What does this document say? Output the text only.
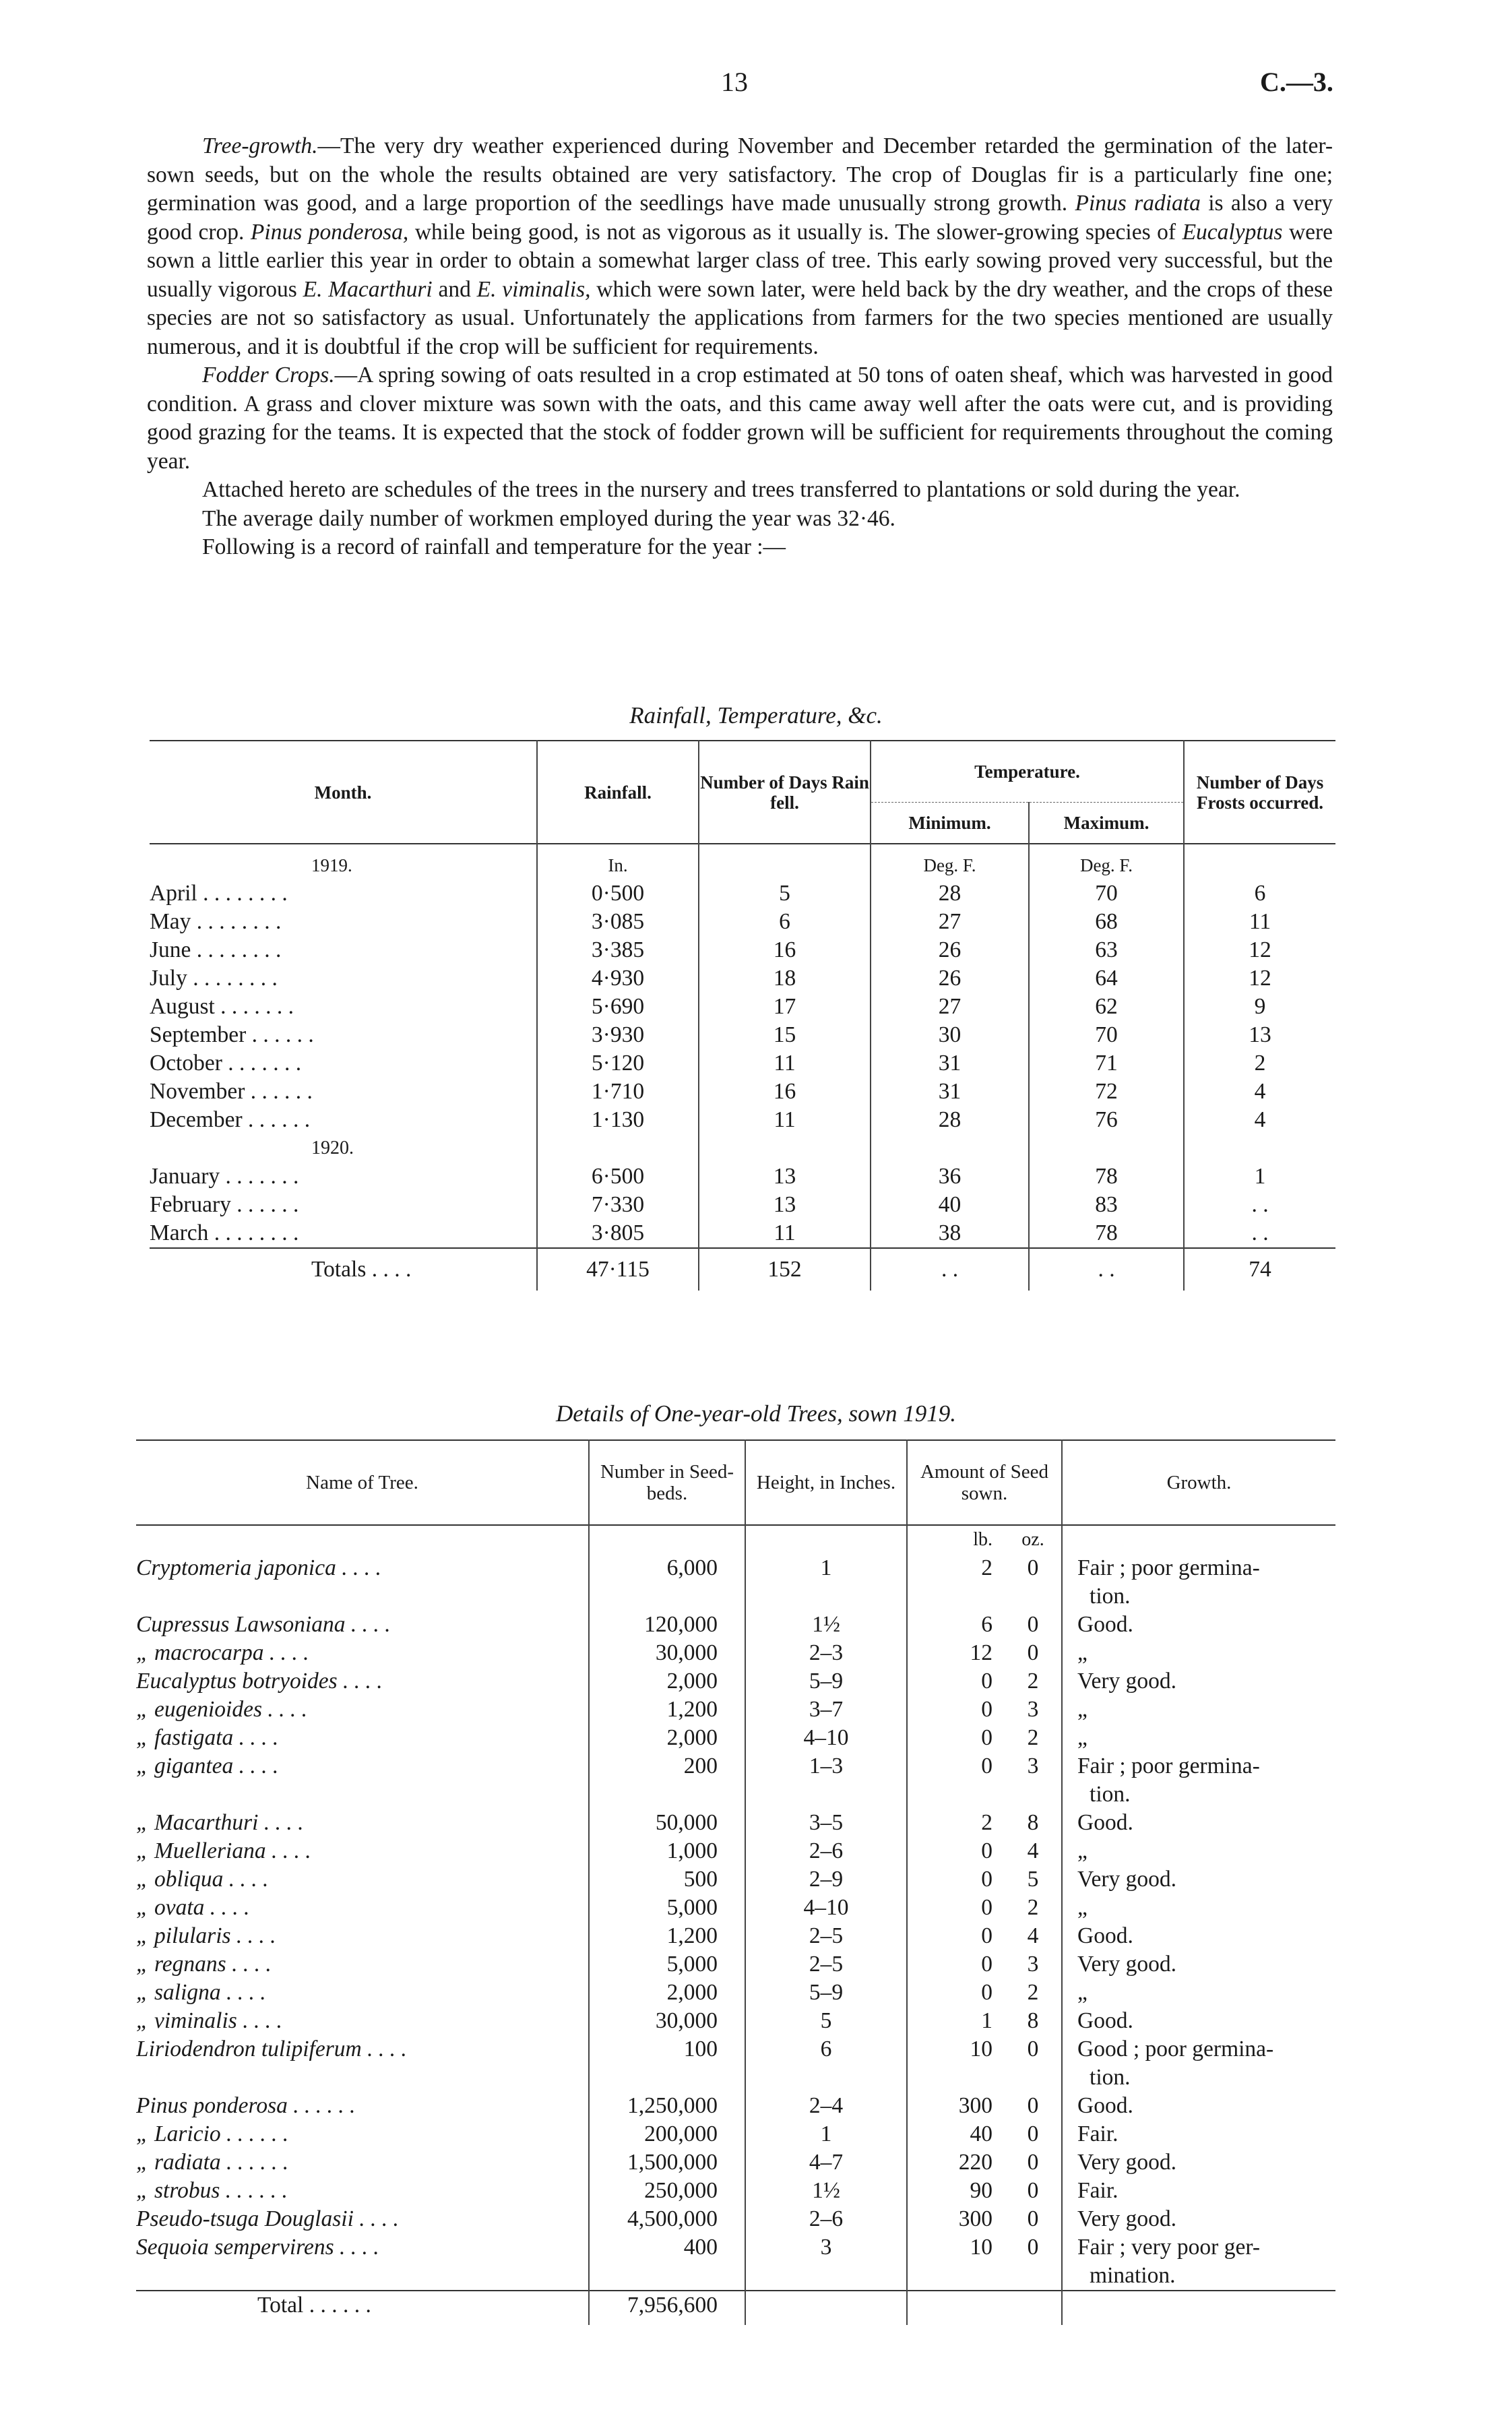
13	C.—3.

Tree-growth.—The very dry weather experienced during November and December retarded the germination of the later-sown seeds, but on the whole the results obtained are very satisfactory. The crop of Douglas fir is a particularly fine one; germination was good, and a large proportion of the seedlings have made unusually strong growth. Pinus radiata is also a very good crop. Pinus ponderosa, while being good, is not as vigorous as it usually is. The slower-growing species of Eucalyptus were sown a little earlier this year in order to obtain a somewhat larger class of tree. This early sowing proved very successful, but the usually vigorous E. Macarthuri and E. viminalis, which were sown later, were held back by the dry weather, and the crops of these species are not so satisfactory as usual. Unfortunately the applications from farmers for the two species mentioned are usually numerous, and it is doubtful if the crop will be sufficient for requirements.

Fodder Crops.—A spring sowing of oats resulted in a crop estimated at 50 tons of oaten sheaf, which was harvested in good condition. A grass and clover mixture was sown with the oats, and this came away well after the oats were cut, and is providing good grazing for the teams. It is expected that the stock of fodder grown will be sufficient for requirements throughout the coming year.

Attached hereto are schedules of the trees in the nursery and trees transferred to plantations or sold during the year.

The average daily number of workmen employed during the year was 32·46.

Following is a record of rainfall and temperature for the year :—

Rainfall, Temperature, &c.
Month.	Rainfall.	Number of Days Rain fell.	Temperature.		Number of Days Frosts occurred.
			Minimum.	Maximum.	
1919.	In.		Deg. F.	Deg. F.	
April . . . . . . . .	0·500	5	28	70	6
May . . . . . . . .	3·085	6	27	68	11
June . . . . . . . .	3·385	16	26	63	12
July . . . . . . . .	4·930	18	26	64	12
August . . . . . . .	5·690	17	27	62	9
September . . . . . .	3·930	15	30	70	13
October . . . . . . .	5·120	11	31	71	2
November . . . . . .	1·710	16	31	72	4
December . . . . . .	1·130	11	28	76	4
1920.					
January . . . . . . .	6·500	13	36	78	1
February . . . . . .	7·330	13	40	83	. .
March . . . . . . . .	3·805	11	38	78	. .
Totals . . . .	47·115	152	. .	. .	74
Details of One-year-old Trees, sown 1919.
Name of Tree.	Number in Seed-beds.	Height, in Inches.	Amount of Seed sown.		Growth.
			lb.	oz.	
Cryptomeria japonica . . . .	6,000	1	2	0	Fair ; poor germina-
					tion.
Cupressus Lawsoniana . . . .	120,000	1½	6	0	Good.
„ macrocarpa . . . .	30,000	2–3	12	0	„
Eucalyptus botryoides . . . .	2,000	5–9	0	2	Very good.
„ eugenioides . . . .	1,200	3–7	0	3	„
„ fastigata . . . .	2,000	4–10	0	2	„
„ gigantea . . . .	200	1–3	0	3	Fair ; poor germina-
					tion.
„ Macarthuri . . . .	50,000	3–5	2	8	Good.
„ Muelleriana . . . .	1,000	2–6	0	4	„
„ obliqua . . . .	500	2–9	0	5	Very good.
„ ovata . . . .	5,000	4–10	0	2	„
„ pilularis . . . .	1,200	2–5	0	4	Good.
„ regnans . . . .	5,000	2–5	0	3	Very good.
„ saligna . . . .	2,000	5–9	0	2	„
„ viminalis . . . .	30,000	5	1	8	Good.
Liriodendron tulipiferum . . . .	100	6	10	0	Good ; poor germina-
					tion.
Pinus ponderosa . . . . . .	1,250,000	2–4	300	0	Good.
„ Laricio . . . . . .	200,000	1	40	0	Fair.
„ radiata . . . . . .	1,500,000	4–7	220	0	Very good.
„ strobus . . . . . .	250,000	1½	90	0	Fair.
Pseudo-tsuga Douglasii . . . .	4,500,000	2–6	300	0	Very good.
Sequoia sempervirens . . . .	400	3	10	0	Fair ; very poor ger-
					mination.
Total . . . . . .	7,956,600				
